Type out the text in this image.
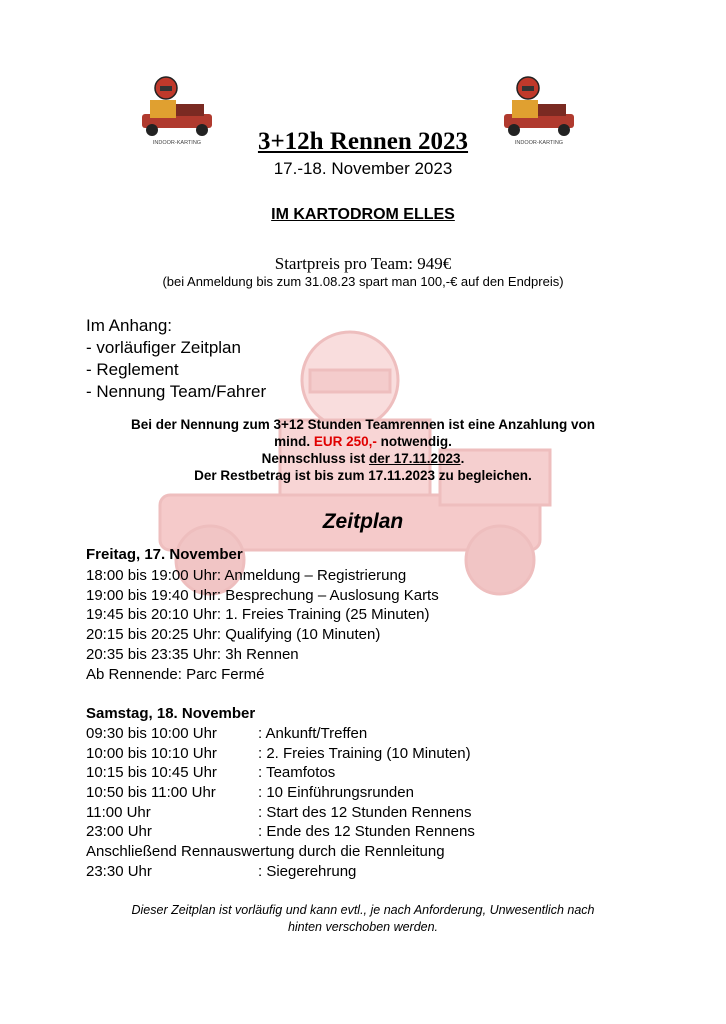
INDOOR-KARTING	INDOOR-KARTING
3+12h Rennen 2023
17.-18. November 2023
IM KARTODROM ELLES
Startpreis pro Team: 949€
(bei Anmeldung bis zum 31.08.23 spart man 100,-€ auf den Endpreis)
Im Anhang:
- vorläufiger Zeitplan
- Reglement
- Nennung Team/Fahrer
Bei der Nennung zum 3+12 Stunden Teamrennen ist eine Anzahlung von
mind. EUR 250,- notwendig.
Nennschluss ist der 17.11.2023.
Der Restbetrag ist bis zum 17.11.2023 zu begleichen.
Zeitplan
Freitag, 17. November
18:00 bis 19:00 Uhr: Anmeldung – Registrierung
19:00 bis 19:40 Uhr: Besprechung – Auslosung Karts
19:45 bis 20:10 Uhr: 1. Freies Training (25 Minuten)
20:15 bis 20:25 Uhr: Qualifying (10 Minuten)
20:35 bis 23:35 Uhr: 3h Rennen
Ab Rennende: Parc Fermé
Samstag, 18. November
09:30 bis 10:00 Uhr	: Ankunft/Treffen
10:00 bis 10:10 Uhr	: 2. Freies Training (10 Minuten)
10:15 bis 10:45 Uhr	: Teamfotos
10:50 bis 11:00 Uhr	: 10 Einführungsrunden
11:00 Uhr	: Start des 12 Stunden Rennens
23:00 Uhr	: Ende des 12 Stunden Rennens
Anschließend Rennauswertung durch die Rennleitung
23:30 Uhr	: Siegerehrung
Dieser Zeitplan ist vorläufig und kann evtl., je nach Anforderung, Unwesentlich nach
hinten verschoben werden.
